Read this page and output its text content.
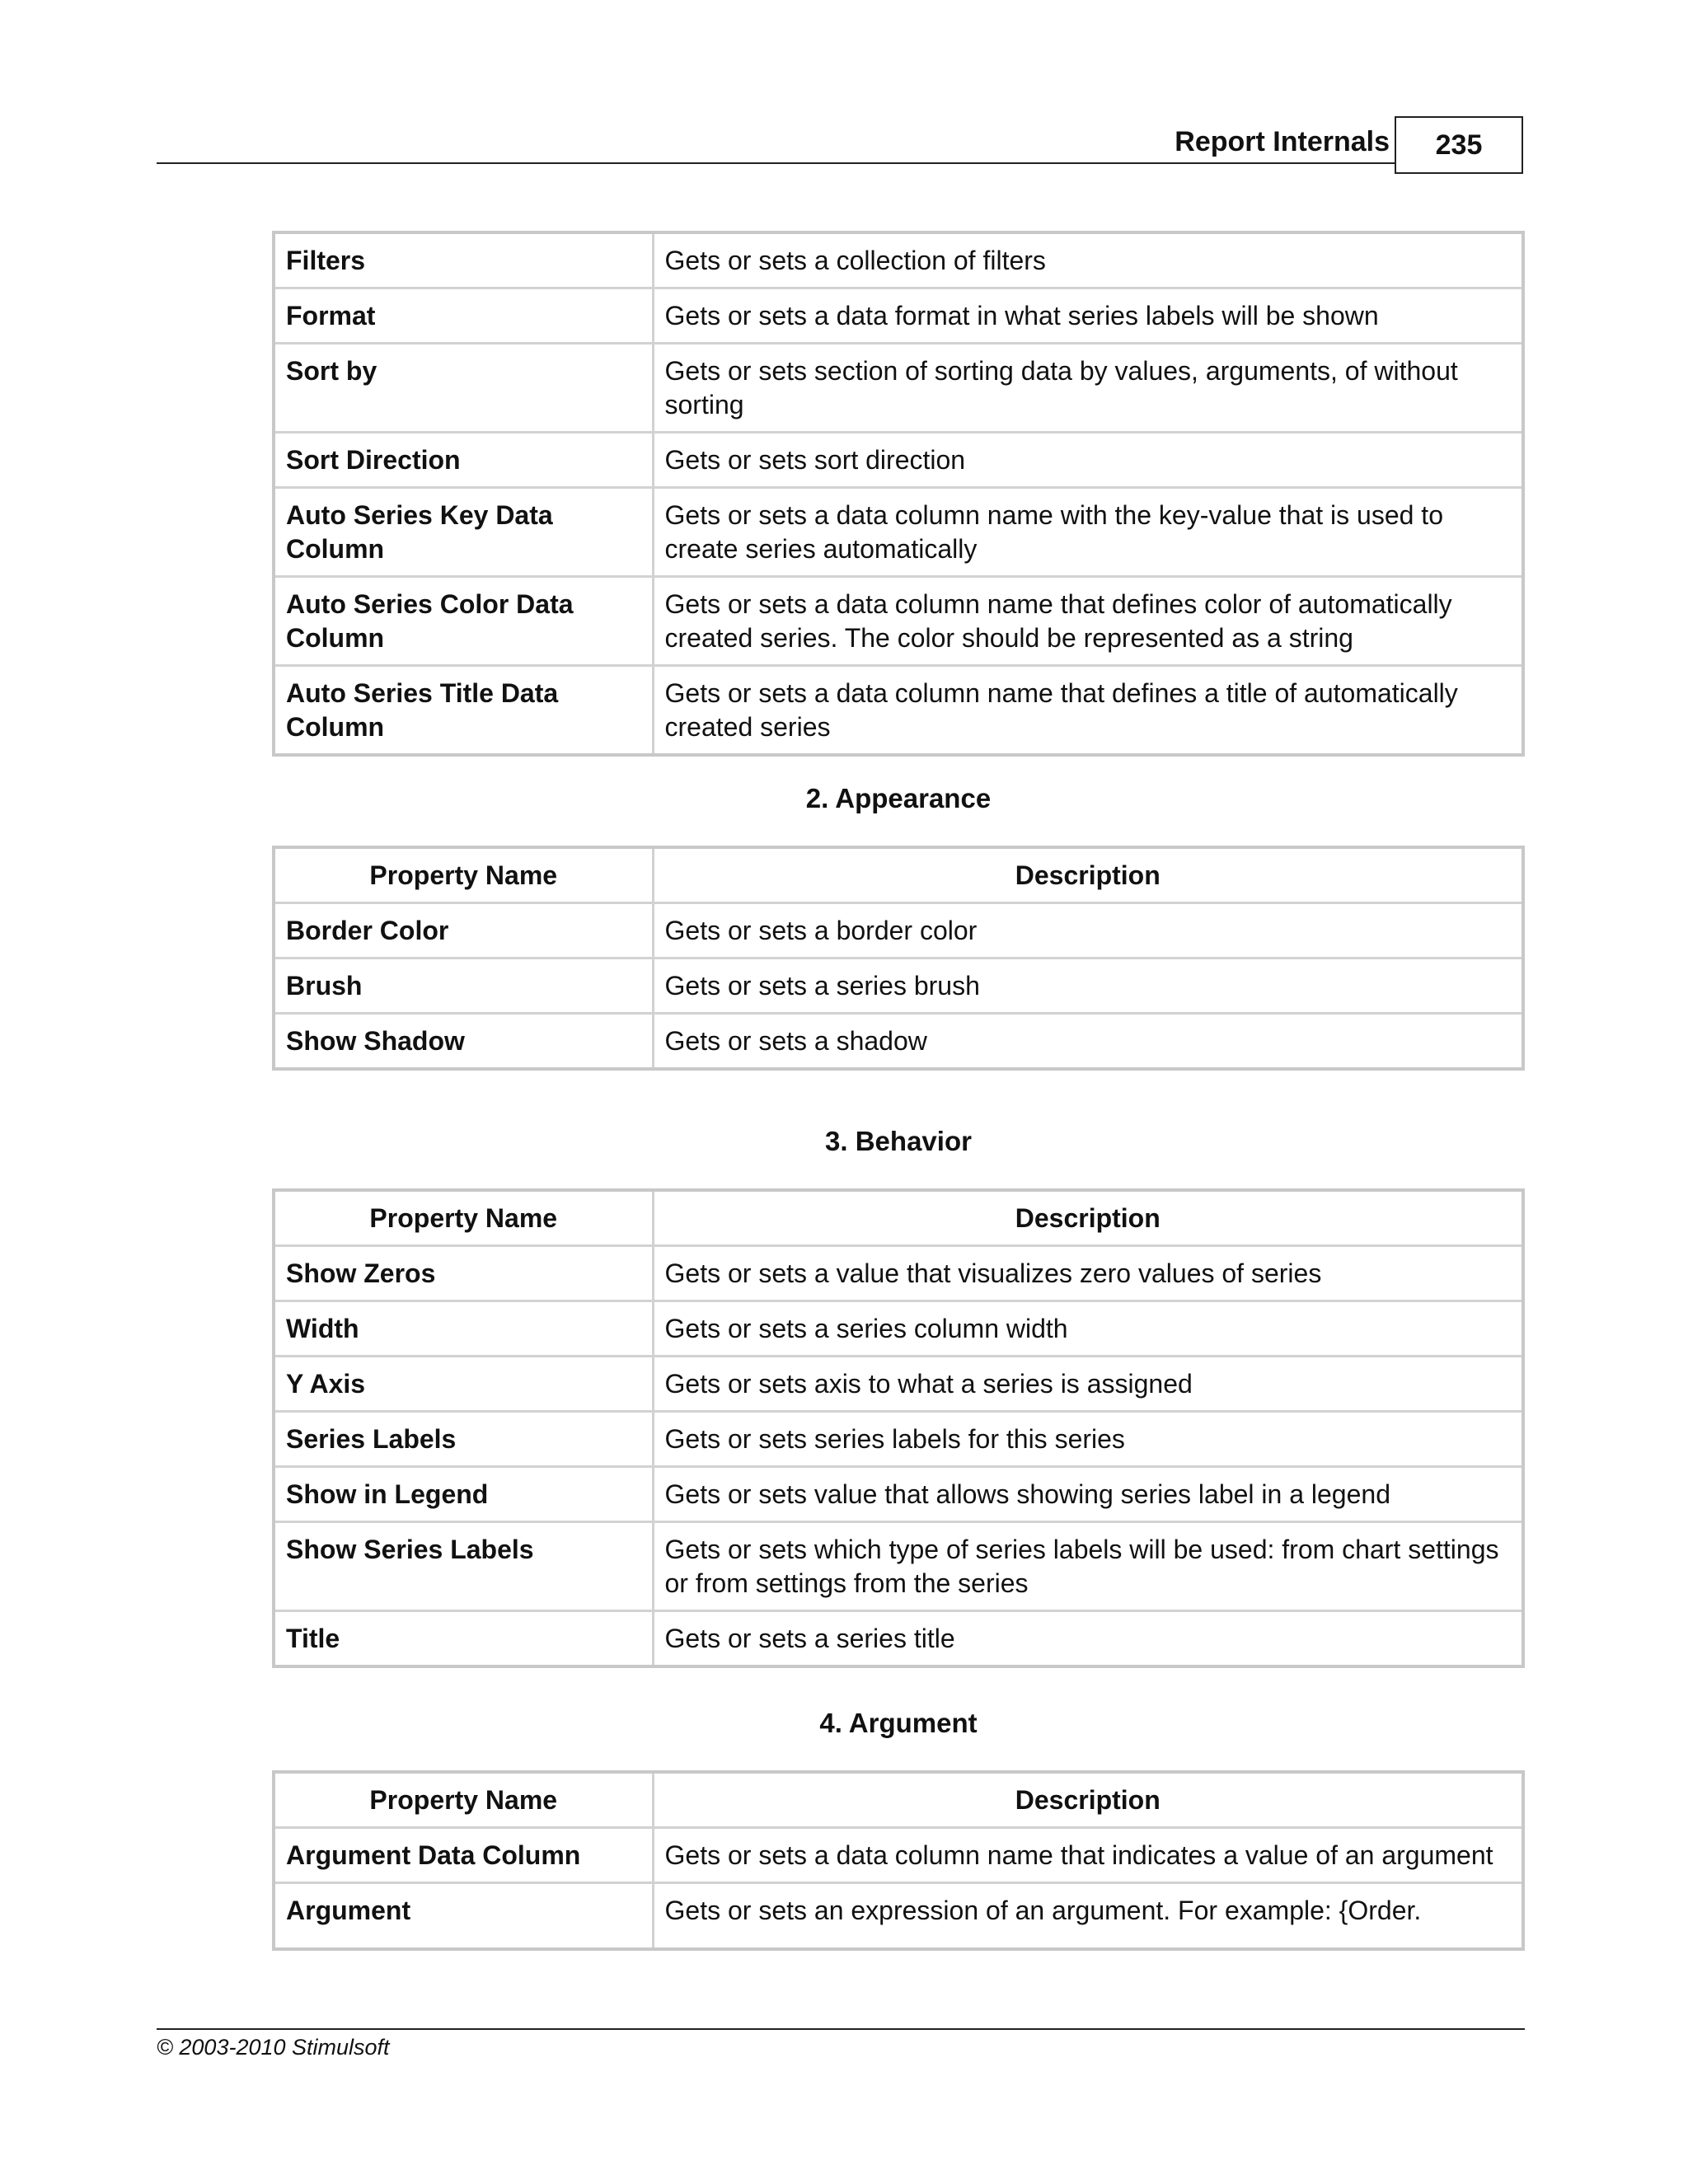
Report Internals 235
Filters	Gets or sets a collection of filters
Format	Gets or sets a data format in what series labels will be shown
Sort by	Gets or sets section of sorting data by values, arguments, of without sorting
Sort Direction	Gets or sets sort direction
Auto Series Key Data Column	Gets or sets a data column name with the key-value that is used to create series automatically
Auto Series Color Data Column	Gets or sets a data column name that defines color of automatically created series. The color should be represented as a string
Auto Series Title Data Column	Gets or sets a data column name that defines a title of automatically created series
2. Appearance
Property Name	Description
Border Color	Gets or sets a border color
Brush	Gets or sets a series brush
Show Shadow	Gets or sets a shadow
3. Behavior
Property Name	Description
Show Zeros	Gets or sets a value that visualizes zero values of series
Width	Gets or sets a series column width
Y Axis	Gets or sets axis to what a series is assigned
Series Labels	Gets or sets series labels for this series
Show in Legend	Gets or sets value that allows showing series label in a legend
Show Series Labels	Gets or sets which type of series labels will be used: from chart settings or from settings from the series
Title	Gets or sets a series title
4. Argument
Property Name	Description
Argument Data Column	Gets or sets a data column name that indicates a value of an argument
Argument	Gets or sets an expression of an argument. For example: {Order.
© 2003-2010 Stimulsoft
